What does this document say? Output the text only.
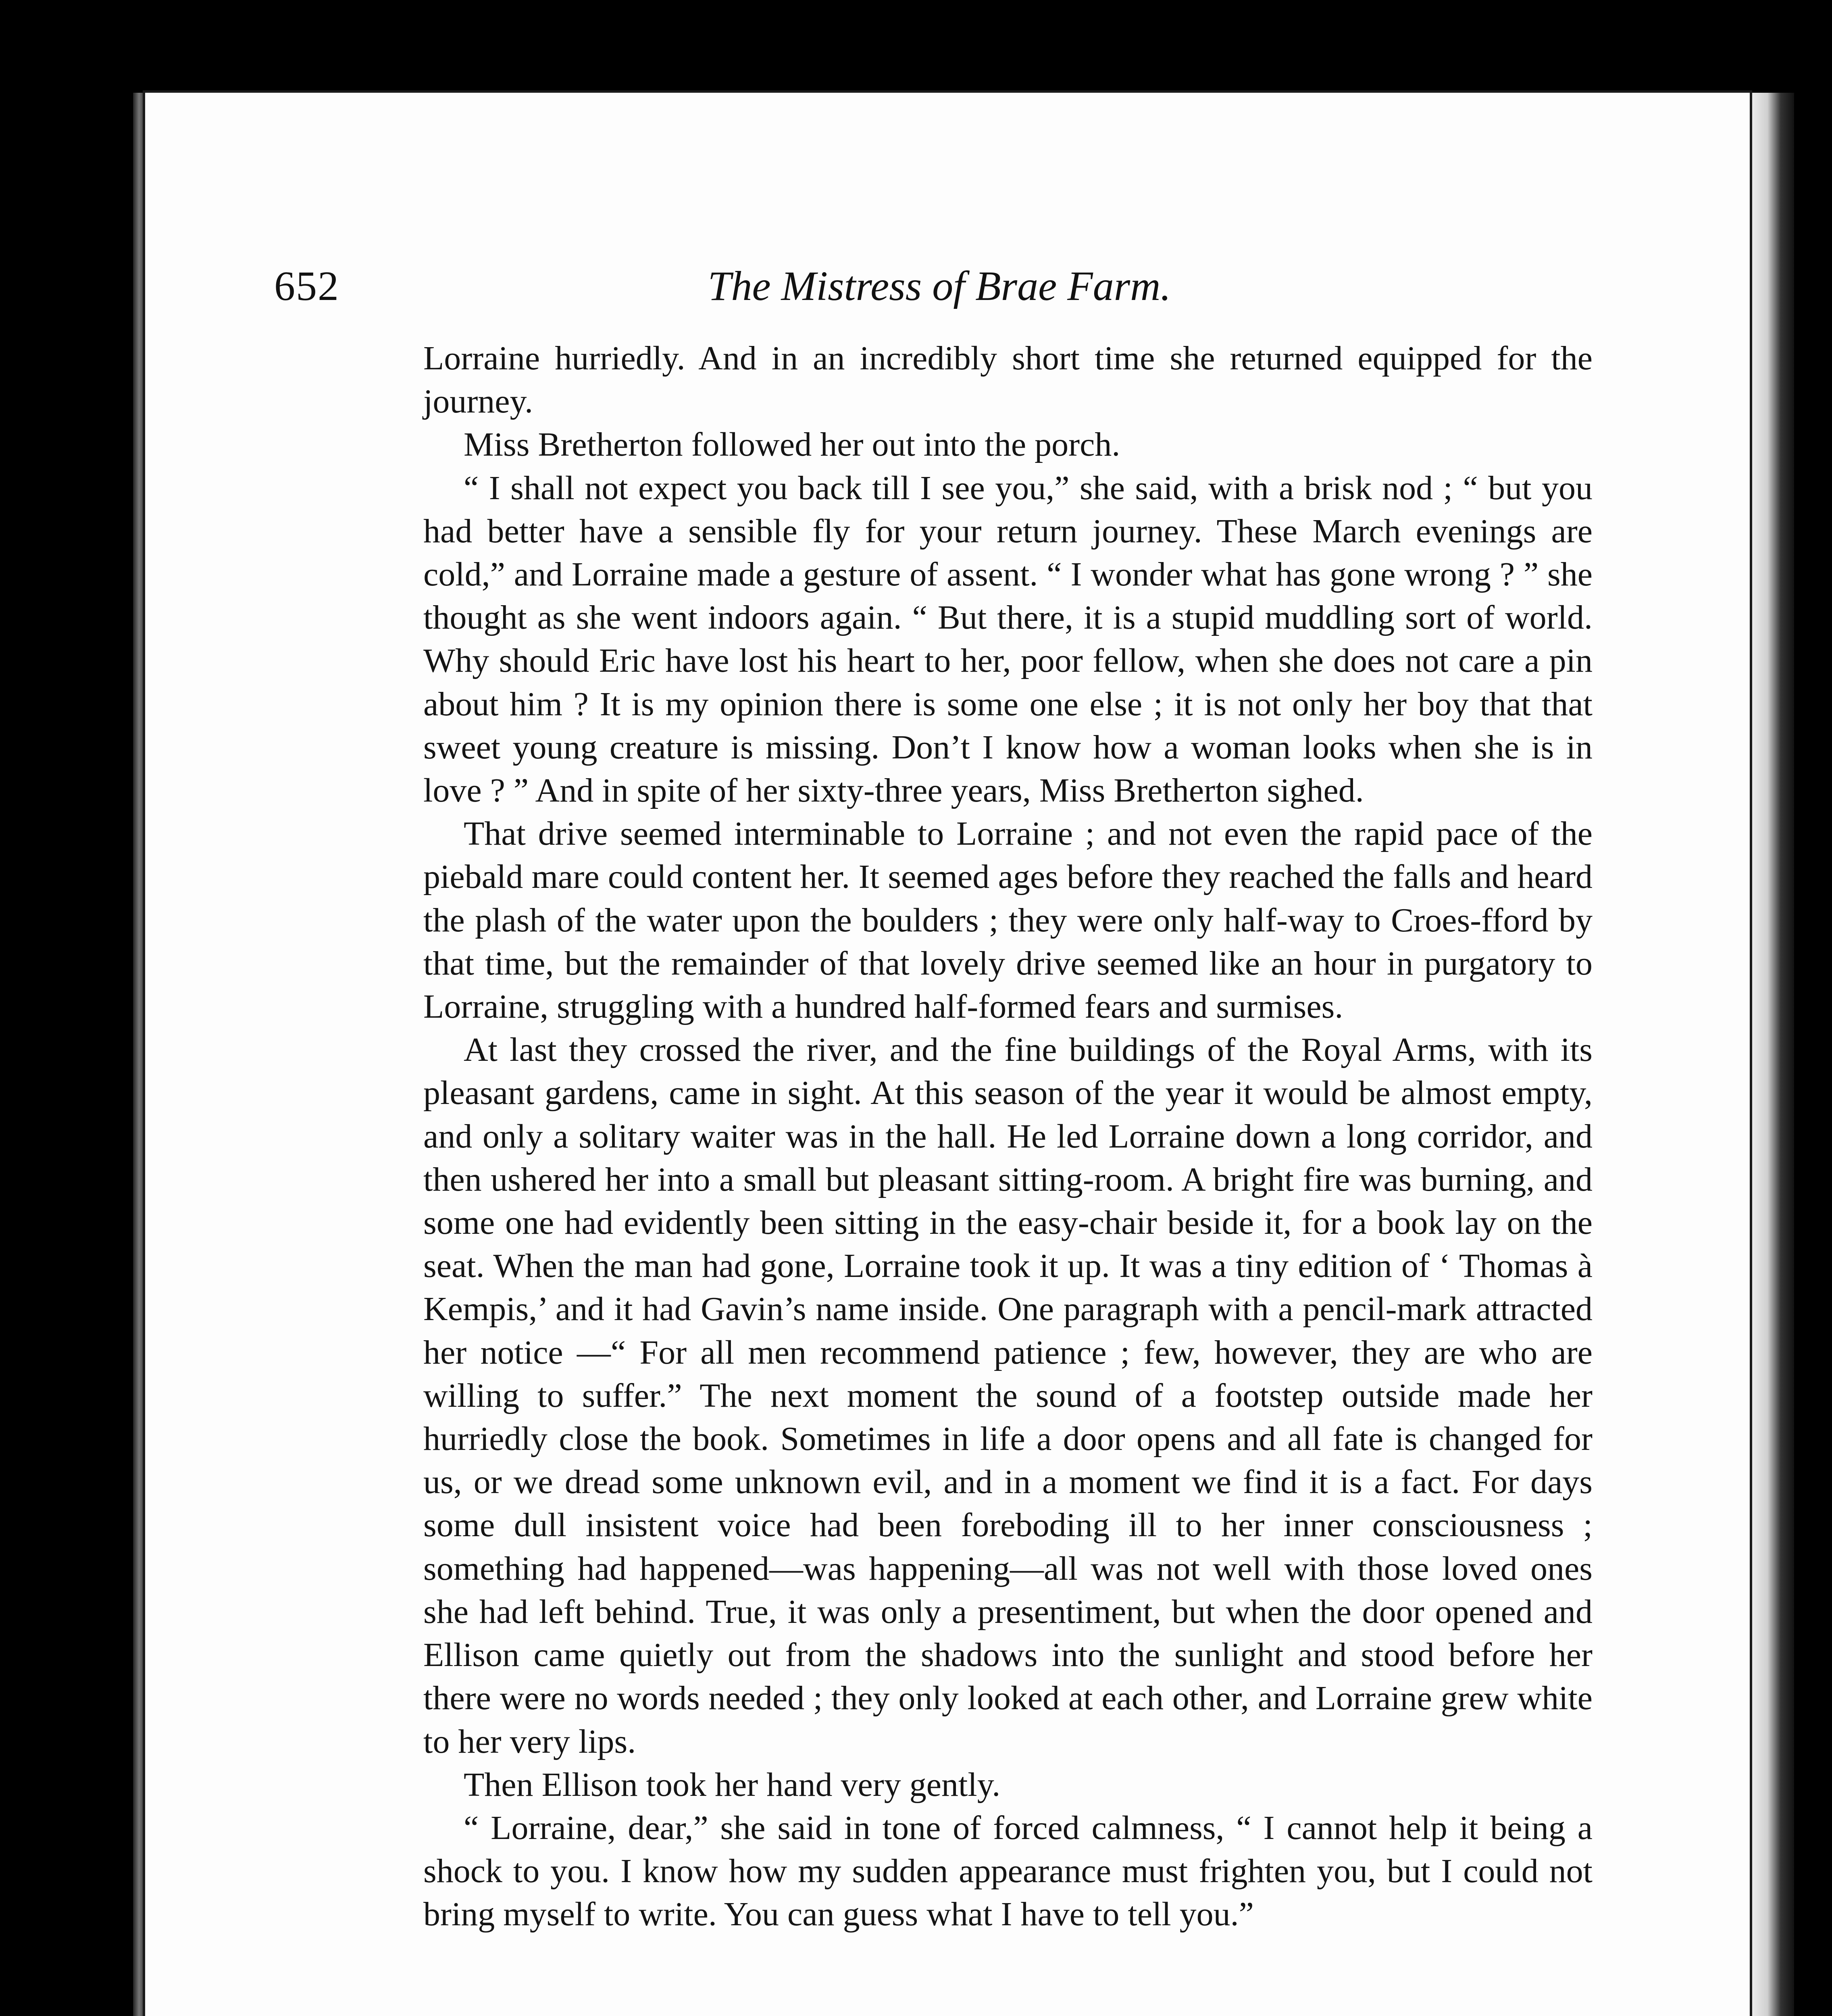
652	The Mistress of Brae Farm.

Lorraine hurriedly. And in an incredibly short time she returned equipped for the journey.

Miss Bretherton followed her out into the porch.

“ I shall not expect you back till I see you,” she said, with a brisk nod ; “ but you had better have a sensible fly for your return journey. These March evenings are cold,” and Lorraine made a gesture of assent. “ I wonder what has gone wrong ? ” she thought as she went indoors again. “ But there, it is a stupid muddling sort of world. Why should Eric have lost his heart to her, poor fellow, when she does not care a pin about him ? It is my opinion there is some one else ; it is not only her boy that that sweet young creature is missing. Don’t I know how a woman looks when she is in love ? ” And in spite of her sixty-three years, Miss Bretherton sighed.

That drive seemed interminable to Lorraine ; and not even the rapid pace of the piebald mare could content her. It seemed ages before they reached the falls and heard the plash of the water upon the boulders ; they were only half-way to Croes-fford by that time, but the remainder of that lovely drive seemed like an hour in purgatory to Lorraine, struggling with a hundred half-formed fears and surmises.

At last they crossed the river, and the fine buildings of the Royal Arms, with its pleasant gardens, came in sight. At this season of the year it would be almost empty, and only a solitary waiter was in the hall. He led Lorraine down a long corridor, and then ushered her into a small but pleasant sitting-room. A bright fire was burning, and some one had evidently been sitting in the easy-chair beside it, for a book lay on the seat. When the man had gone, Lorraine took it up. It was a tiny edition of ‘ Thomas à Kempis,’ and it had Gavin’s name inside. One paragraph with a pencil-mark attracted her notice —“ For all men recommend patience ; few, however, they are who are willing to suffer.” The next moment the sound of a footstep outside made her hurriedly close the book. Sometimes in life a door opens and all fate is changed for us, or we dread some unknown evil, and in a moment we find it is a fact. For days some dull insistent voice had been foreboding ill to her inner consciousness ; something had happened—was happening—all was not well with those loved ones she had left behind. True, it was only a presentiment, but when the door opened and Ellison came quietly out from the shadows into the sunlight and stood before her there were no words needed ; they only looked at each other, and Lorraine grew white to her very lips.

Then Ellison took her hand very gently.

“ Lorraine, dear,” she said in tone of forced calmness, “ I cannot help it being a shock to you. I know how my sudden appearance must frighten you, but I could not bring myself to write. You can guess what I have to tell you.”
